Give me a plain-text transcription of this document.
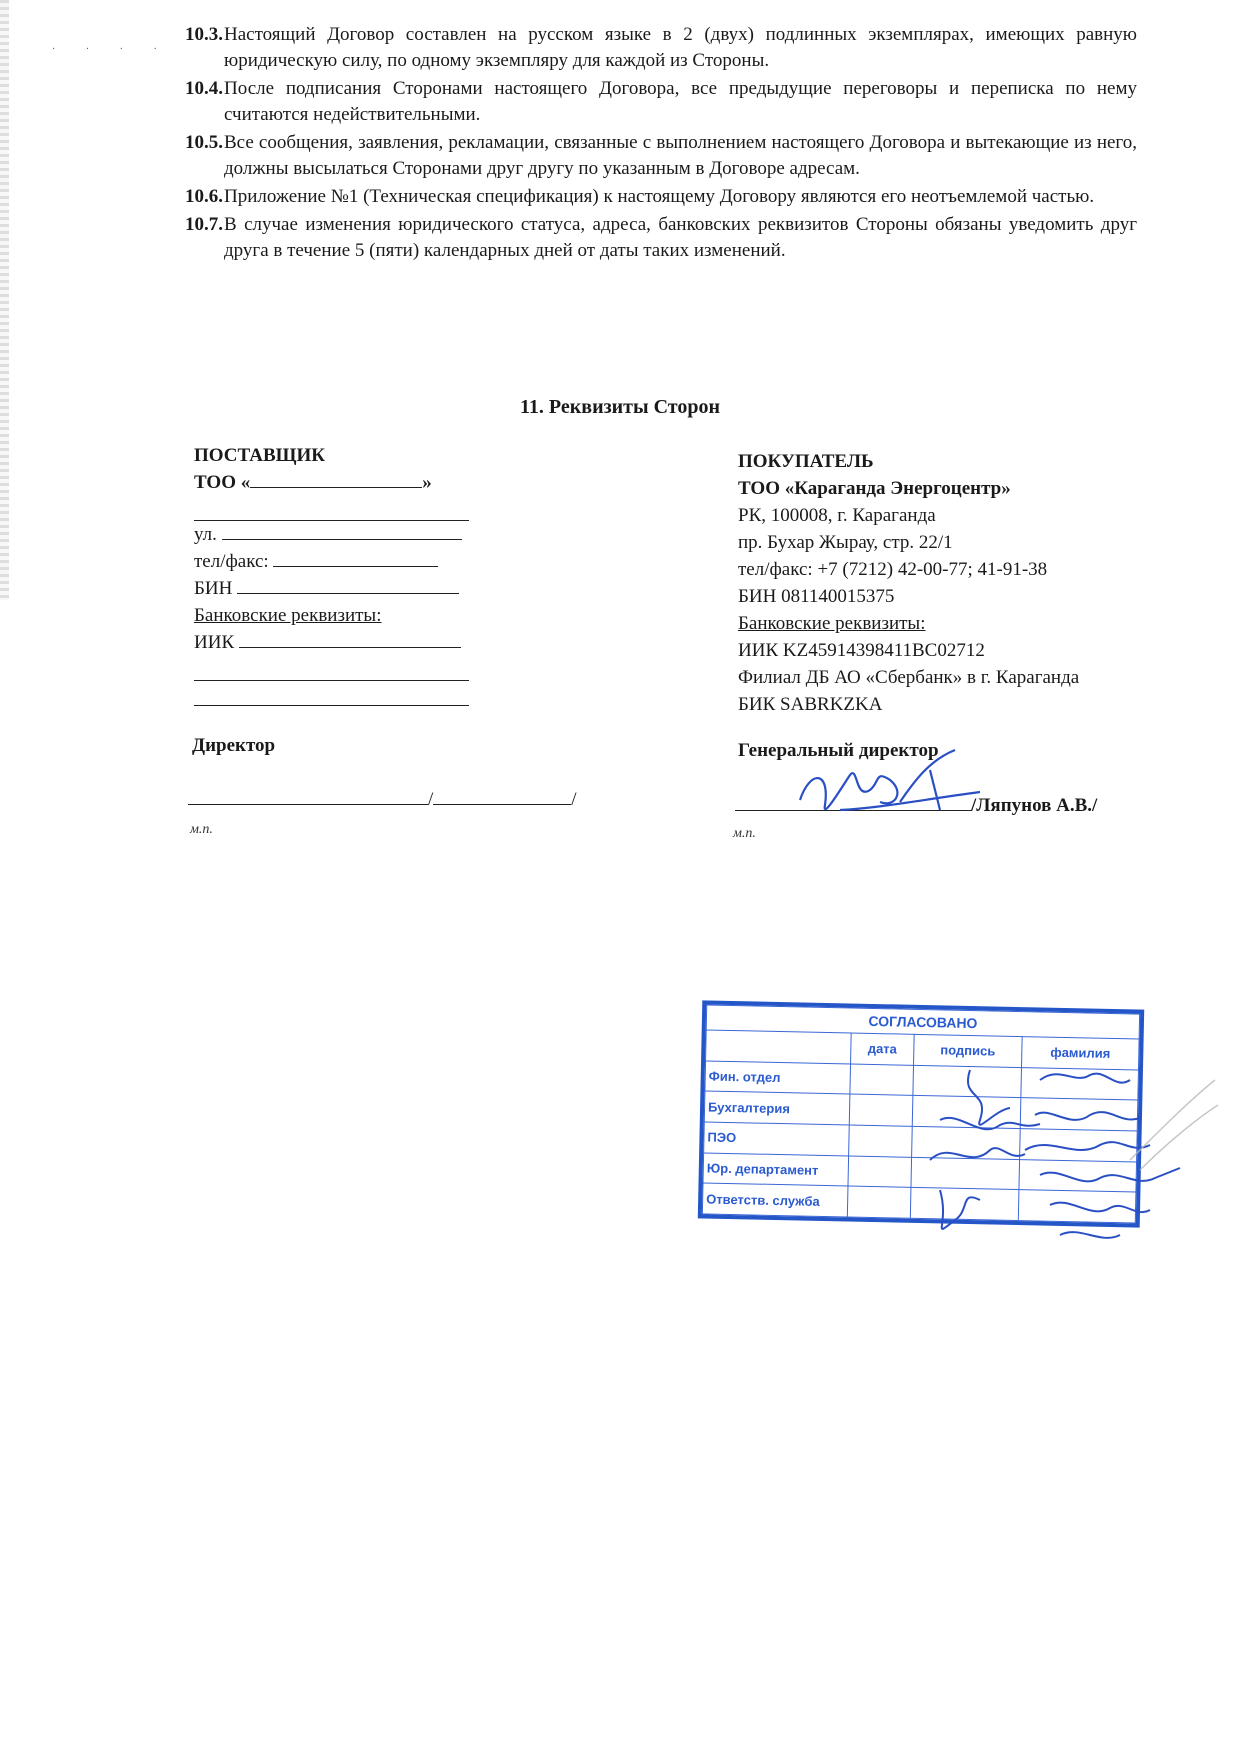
· · · ·

10.3. Настоящий Договор составлен на русском языке в 2 (двух) подлинных экземплярах, имеющих равную юридическую силу, по одному экземпляру для каждой из Стороны.

10.4. После подписания Сторонами настоящего Договора, все предыдущие переговоры и переписка по нему считаются недействительными.

10.5. Все сообщения, заявления, рекламации, связанные с выполнением настоящего Договора и вытекающие из него, должны высылаться Сторонами друг другу по указанным в Договоре адресам.

10.6. Приложение №1 (Техническая спецификация) к настоящему Договору являются его неотъемлемой частью.

10.7. В случае изменения юридического статуса, адреса, банковских реквизитов Стороны обязаны уведомить друг друга в течение 5 (пяти) календарных дней от даты таких изменений.

11. Реквизиты Сторон
ПОСТАВЩИК
ТОО «	»
ул.
тел/факс:
БИН
Банковские реквизиты:
ИИК
ПОКУПАТЕЛЬ
ТОО «Караганда Энергоцентр»
РК, 100008, г. Караганда
пр. Бухар Жырау, стр. 22/1
тел/факс: +7 (7212) 42-00-77; 41-91-38
БИН 081140015375
Банковские реквизиты:
ИИК KZ45914398411BC02712
Филиал ДБ АО «Сбербанк» в г. Караганда
БИК SABRKZKA
Директор
/	/
м.п.
Генеральный директор
/Ляпунов А.В./
м.п.
СОГЛАСОВАНО			
	дата	подпись	фамилия
Фин. отдел			
Бухгалтерия			
ПЭО			
Юр. департамент			
Ответств. служба			
